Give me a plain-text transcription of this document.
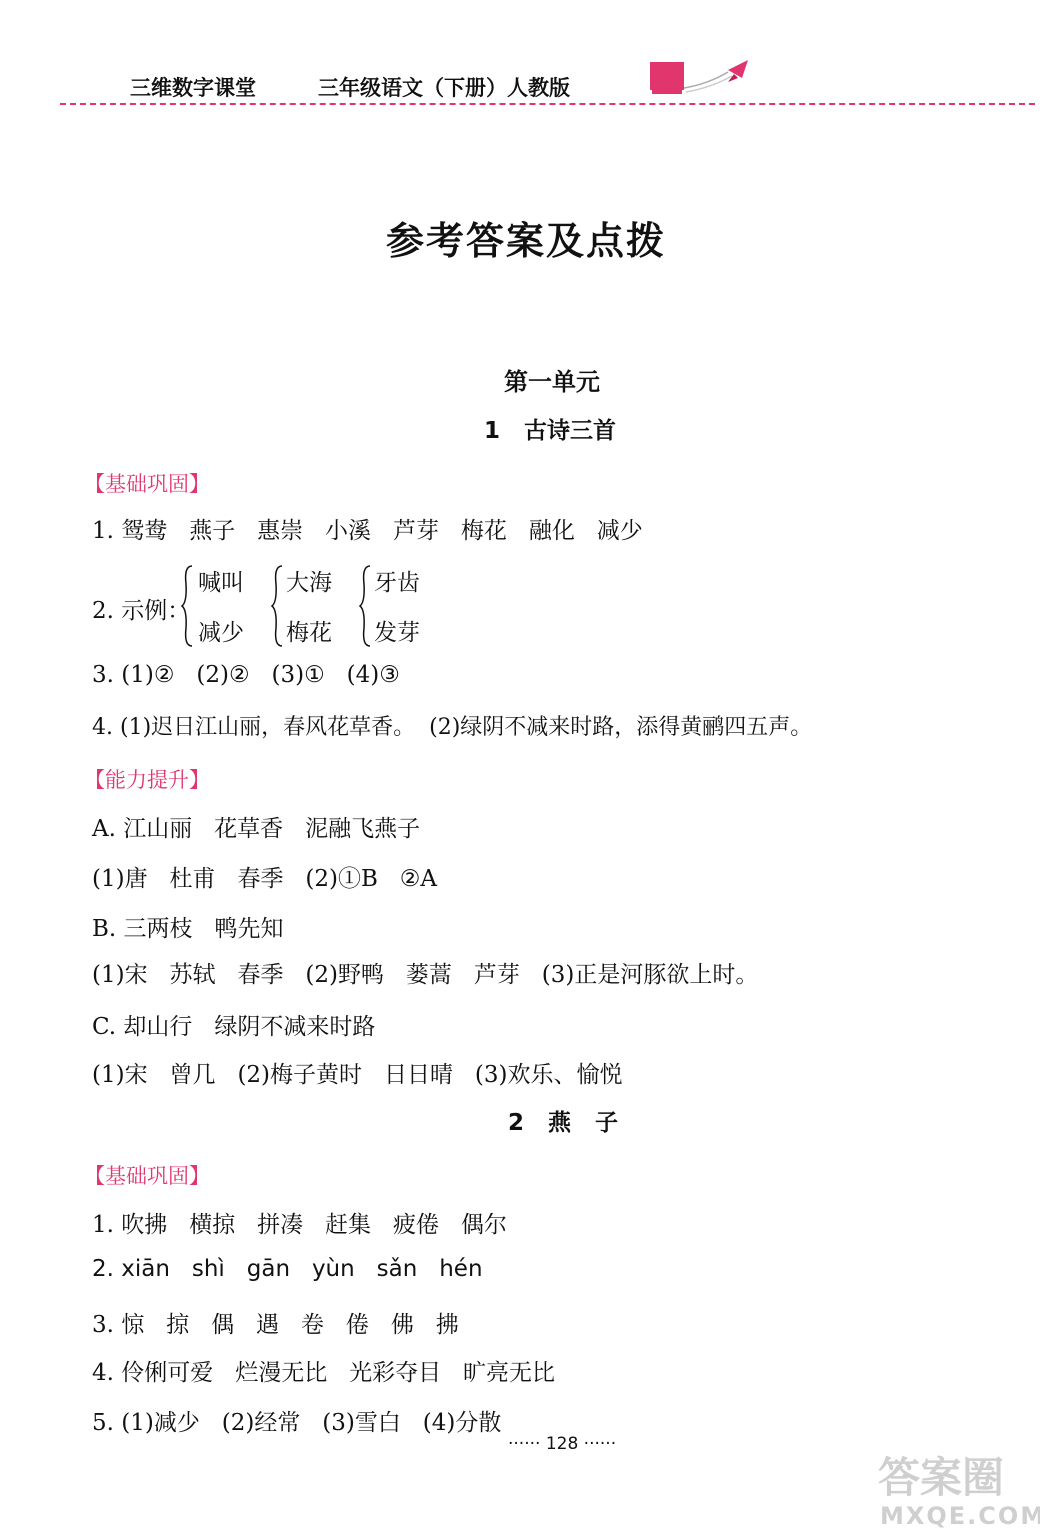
三维数字课堂	三年级语文（下册）人教版
参考答案及点拨
第一单元
1   古诗三首
【基础巩固】
1. 鸳鸯   燕子   惠崇   小溪   芦芽   梅花   融化   减少
2. 示例：
喊叫
减少
大海
梅花
牙齿
发芽
3. (1)②   (2)②   (3)①   (4)③
4. (1)迟日江山丽，春风花草香。  (2)绿阴不减来时路，添得黄鹂四五声。
【能力提升】
A. 江山丽   花草香   泥融飞燕子
(1)唐   杜甫   春季   (2)①B   ②A
B. 三两枝   鸭先知
(1)宋   苏轼   春季   (2)野鸭   蒌蒿   芦芽   (3)正是河豚欲上时。
C. 却山行   绿阴不减来时路
(1)宋   曾几   (2)梅子黄时   日日晴   (3)欢乐、愉悦
2   燕   子
【基础巩固】
1. 吹拂   横掠   拼凑   赶集   疲倦   偶尔
2. xiān   shì   gān   yùn   sǎn   hén
3. 惊   掠   偶   遇   卷   倦   佛   拂
4. 伶俐可爱   烂漫无比   光彩夺目   旷亮无比
5. (1)减少   (2)经常   (3)雪白   (4)分散
······ 128 ······
答案圈
MXQE.COM
